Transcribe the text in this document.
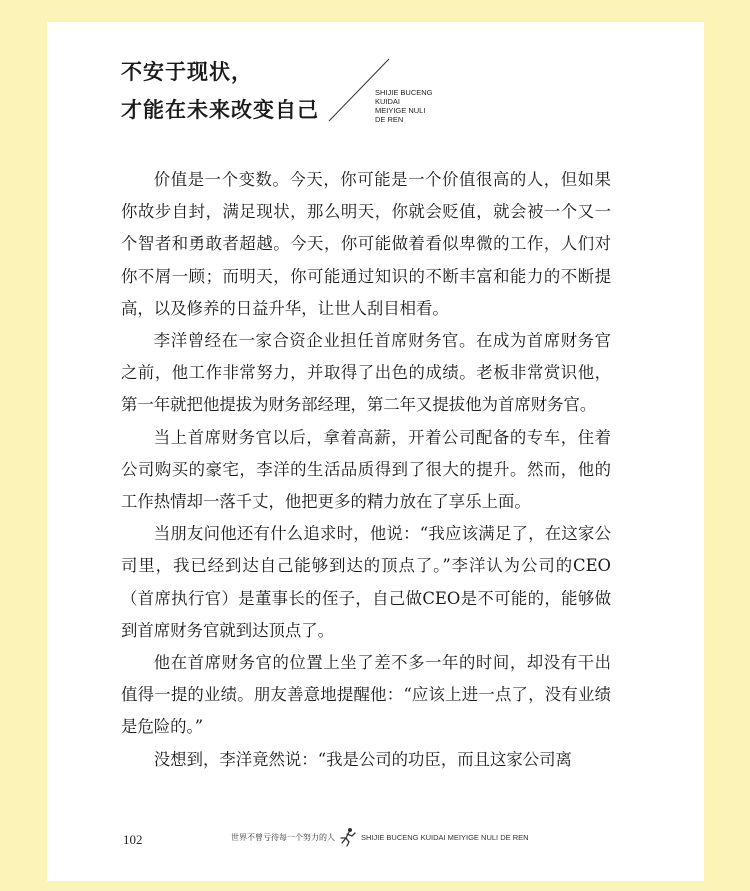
不安于现状，
才能在未来改变自己
SHIJIE BUCENG
KUIDAI
MEIYIGE NULI
DE REN

价值是一个变数。今天，你可能是一个价值很高的人，但如果你故步自封，满足现状，那么明天，你就会贬值，就会被一个又一个智者和勇敢者超越。今天，你可能做着看似卑微的工作，人们对你不屑一顾；而明天，你可能通过知识的不断丰富和能力的不断提高，以及修养的日益升华，让世人刮目相看。

李洋曾经在一家合资企业担任首席财务官。在成为首席财务官之前，他工作非常努力，并取得了出色的成绩。老板非常赏识他，第一年就把他提拔为财务部经理，第二年又提拔他为首席财务官。

当上首席财务官以后，拿着高薪，开着公司配备的专车，住着公司购买的豪宅，李洋的生活品质得到了很大的提升。然而，他的工作热情却一落千丈，他把更多的精力放在了享乐上面。

当朋友问他还有什么追求时，他说：“我应该满足了，在这家公司里，我已经到达自己能够到达的顶点了。”李洋认为公司的CEO（首席执行官）是董事长的侄子，自己做CEO是不可能的，能够做到首席财务官就到达顶点了。

他在首席财务官的位置上坐了差不多一年的时间，却没有干出值得一提的业绩。朋友善意地提醒他：“应该上进一点了，没有业绩是危险的。”

没想到，李洋竟然说：“我是公司的功臣，而且这家公司离

102	世界不曾亏待每一个努力的人	SHIJIE BUCENG KUIDAI MEIYIGE NULI DE REN
